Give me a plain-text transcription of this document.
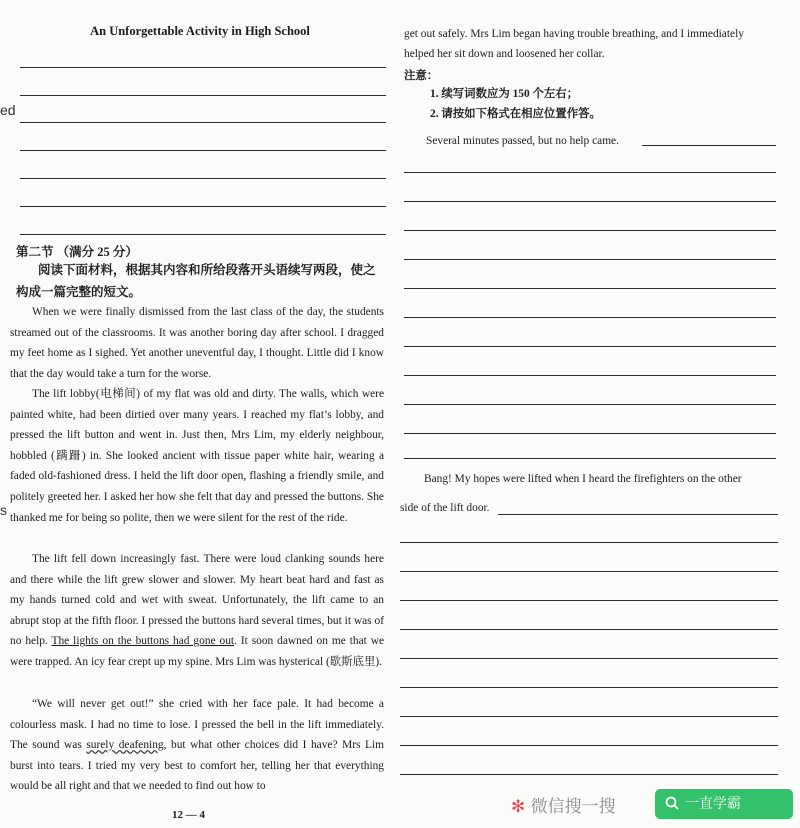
An Unforgettable Activity in High School
ed
s
第二节 （满分 25 分）
阅读下面材料，根据其内容和所给段落开头语续写两段，使之构成一篇完整的短文。
When we were finally dismissed from the last class of the day, the students streamed out of the classrooms. It was another boring day after school. I dragged my feet home as I sighed. Yet another uneventful day, I thought. Little did I know that the day would take a turn for the worse.
The lift lobby(电梯间) of my flat was old and dirty. The walls, which were painted white, had been dirtied over many years. I reached my flat’s lobby, and pressed the lift button and went in. Just then, Mrs Lim, my elderly neighbour, hobbled (蹒跚) in. She looked ancient with tissue paper white hair, wearing a faded old-fashioned dress. I held the lift door open, flashing a friendly smile, and politely greeted her. I asked her how she felt that day and pressed the buttons. She thanked me for being so polite, then we were silent for the rest of the ride.
The lift fell down increasingly fast. There were loud clanking sounds here and there while the lift grew slower and slower. My heart beat hard and fast as my hands turned cold and wet with sweat. Unfortunately, the lift came to an abrupt stop at the fifth floor. I pressed the buttons hard several times, but it was of no help. The lights on the buttons had gone out. It soon dawned on me that we were trapped. An icy fear crept up my spine. Mrs Lim was hysterical (歇斯底里).
“We will never get out!” she cried with her face pale. It had become a colourless mask. I had no time to lose. I pressed the bell in the lift immediately. The sound was surely deafening, but what other choices did I have? Mrs Lim burst into tears. I tried my very best to comfort her, telling her that everything would be all right and that we needed to find out how to
12 — 4
get out safely. Mrs Lim began having trouble breathing, and I immediately
helped her sit down and loosened her collar.
注意：
1. 续写词数应为 150 个左右；
2. 请按如下格式在相应位置作答。
Several minutes passed, but no help came.
Bang! My hopes were lifted when I heard the firefighters on the other
side of the lift door.
✻ 微信搜一搜	一直学霸
